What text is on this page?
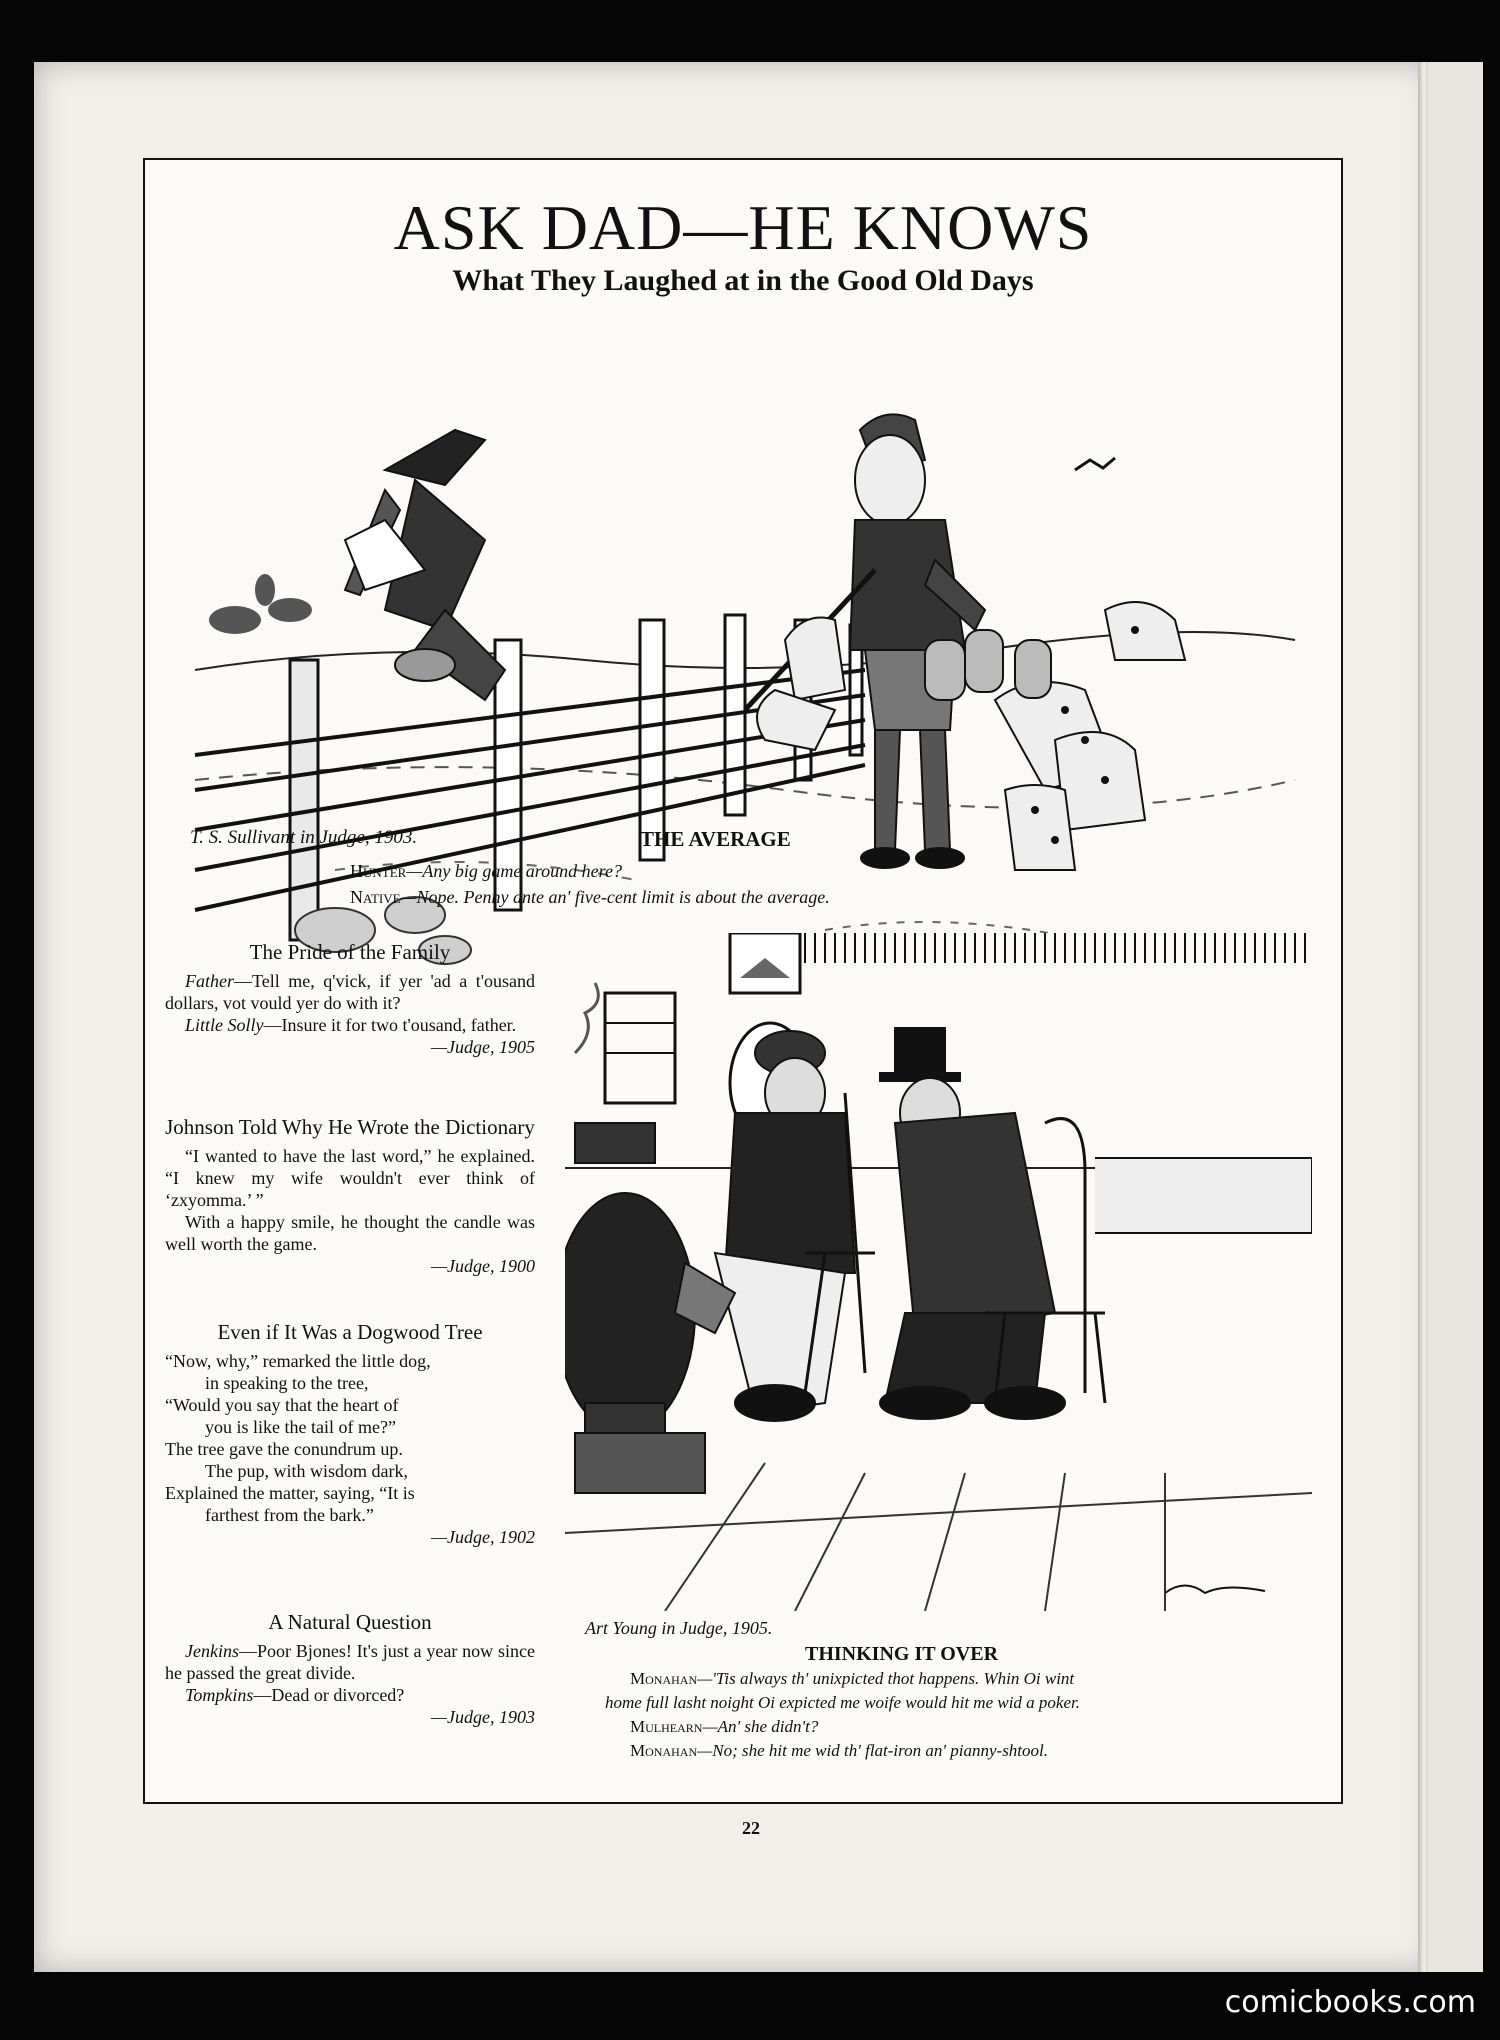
ASK DAD—HE KNOWS
What They Laughed at in the Good Old Days
T. S. Sullivant in Judge, 1903.	THE AVERAGE
Hunter—Any big game around here?
Native—Nope. Penny ante an' five-cent limit is about the average.
The Pride of the Family

Father—Tell me, q'vick, if yer 'ad a t'ousand dollars, vot vould yer do with it?

Little Solly—Insure it for two t'ousand, father.

—Judge, 1905

Johnson Told Why He Wrote the Dictionary

“I wanted to have the last word,” he explained. “I knew my wife wouldn't ever think of ‘zxyomma.’ ”

With a happy smile, he thought the candle was well worth the game.

—Judge, 1900

Even if It Was a Dogwood Tree

“Now, why,” remarked the little dog,

in speaking to the tree,

“Would you say that the heart of

you is like the tail of me?”

The tree gave the conundrum up.

The pup, with wisdom dark,

Explained the matter, saying, “It is

farthest from the bark.”

—Judge, 1902

A Natural Question

Jenkins—Poor Bjones! It's just a year now since he passed the great divide.

Tompkins—Dead or divorced?

—Judge, 1903

Art Young in Judge, 1905.
THINKING IT OVER
Monahan—'Tis always th' unixpicted thot happens. Whin Oi wint
home full lasht noight Oi expicted me woife would hit me wid a poker.
Mulhearn—An' she didn't?
Monahan—No; she hit me wid th' flat-iron an' pianny-shtool.
22
comicbooks.com
